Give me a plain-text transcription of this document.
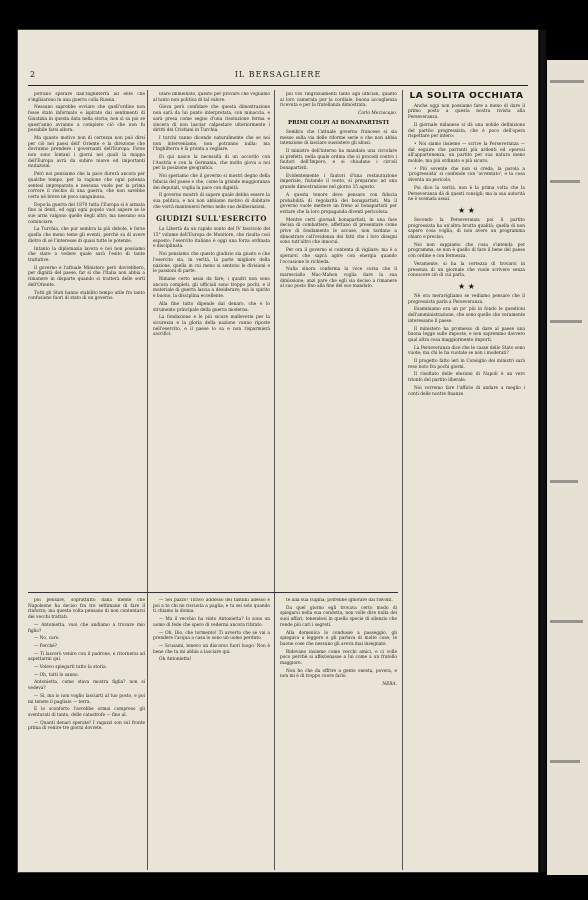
2	IL BERSAGLIERE

potrano sperare dall'Inghilterra ad ente che s'inglisarono in una guerra colla Russia.

Nessuno saprebbe ovviare che quell'ordine non fosse stato informato e ispirato dai sentimenti di Giustizia in questa data nella storia; non si sa poi se quest'anno avranno a compiere ciò che non fu possibile farsi allora.

Ma quanto motivo non di certezza non può dirsi per ciò nei paesi dell' Oriente e la direzione che dovranno prendere i governanti dell'Europa. Forse non sono lontani i giorni nei quali la mappa dell'Europa avrà da subire nuove ed importanti mutazioni.

Però noi pensiamo che la pace durerà ancora per qualche tempo, per la ragione che ogni potenza sentesi impreparata e nessuna vuole per la prima correre il rischio di una guerra, che non sarebbe certo nè breve nè poco sanguinosa.

Dopo la guerra del 1870 tutta l'Europa si è armata fino ai denti, ed oggi ogni popolo vuol sapere se le sue armi valgono quelle degli altri; ma nessuno osa cominciare.

La Turchia, che pur sembra la più debole, è forse quella che meno teme gli eventi, perchè sa di avere dietro di sè l'interesse di quasi tutte le potenze.

Intanto la diplomazia lavora e noi non possiamo che stare a vedere quale sarà l'esito di tante trattative.

Il governo e l'attuale Ministero però dovrebbero, per dignità del paese, far sì che l'Italia non abbia a rimanere in disparte quando si tratterà delle sorti dell'Oriente.

Tutti gli Stati hanno stabilito tempo utile fra tanto confusione fuori di stato di un governo.

poi pensare, soprattutto dalla mente che Napoleone ha deciso fra tre settimane di fare il rinforzo; ma questa volta pensano di non contentarsi dei vecchi trattati.

— Antonietta, vuoi che andiamo a trovare mio figlio?

— No, caro.

— Perchè?

— Ti lascerò venire con il padrone, e ritornerai ad aspettarmi qui.

— Volevo spiegarti tutto la storia.

— Oh, tutti lo sanno.

Antonietta, come stava mostra figlia? non si vedeva?

— Sì, ma io non voglio lasciarti al tuo posto, e poi mi tenete il pagliaio — terra.

E lo sconforto l'avrebbe ormai compreso gli sventurati di tanto, delle catastrofe — fino al.

— Quanti denari sperate? I ragazzi son sul fronte prima di venire tre giorni dovrete.

litare immediato, questo per provare che vogliamo al tanto non politica di tal valore.

Giova però confidare che questa dimostrazione non sarà da lui punto interpretata, con minaccia, e sarà presa come segno d'una risoluzione ferma e sincera di non lasciar calpestare ulteriormente i diritti dei Cristiani in Turchia.

I turchi vanno dicendo naturalmente che se noi non interveniamo, non potranno nulla; ma l'Inghilterra è là pronta a vegliare.

Di qui nasce la necessità di un accordo con l'Austria e con la Germania, che molto giova a noi per la posizione geografica.

Noi speriamo che il governo si mostri degno della fiducia del paese e che, come la grande maggioranza dei deputati, voglia la pace con dignità.

Il governo mostrò di sapere quale debba essere la sua politica, e noi non abbiamo motivo di dubitare che vorrà mantenersi fermo nelle sue deliberazioni.

GIUDIZI SULL'ESERCITO

La Libertà da un rapido sunto del IV fascicolo del 15° volume dell'Europa de Monitore, che risulta così esposto: l'esercito italiano è oggi una forza ordinata e disciplinata.

Noi pensiamo che questo giudizio sia giusto e che l'esercito sia, in verità, la parte migliore della nazione, quella in cui meno si sentono le divisioni e le passioni di parte.

Rimane certo assai da fare; i quadri non sono ancora completi, gli ufficiali sono troppo pochi, e il materiale di guerra lascia a desiderare; ma lo spirito è buono, la disciplina eccellente.

Alla fine tutto dipende dal denaro, che è lo strumento principale della guerra moderna.

La fondazione e le più sicure malleverie per la sicurezza e la gloria della nazione vanno riposte nell'esercito, e il paese lo sa e non risparmierà sacrifici.

— Sei pazzo! Tiravo addosso dei fastidii adesso e poi a te chi ne riscuota a paglia; e tu sei solo quando ti chiamo la donna.

— Ma il vecchio ha vinto Antonietta? Io sono un uomo di fede che spero di vedermi ancora ritirato.

— Oh, Dio, che tormento! Ti avverto che se vai a prendere l'acqua a casa io sono un uomo perduto.

— Scusami, tenevo un discorso fuori luogo. Non è bene che tu mi abbia a lasciare qui.

Oh Antonietta!

più vivi ringraziamenti tanto agli ufficiali, quanto ai loro camerata per la cordiale, buona accoglienza ricevuta e per la fratellanza dimostrata.

Carlo Mezzacapo.

PRIMI COLPI AI BONAPARTISTI

Sembra che l'attuale governo francese si sia messo sulla via delle riforme serie e che non abbia intenzione di lasciare sussistere gli abusi.

Il ministro dell'interno ha mandato una circolare ai prefetti, nella quale ordina che si procedi contro i fautori dell'Impero, e si chiudano i circoli bonapartisti.

Evidentemente i fautori d'una restaurazione imperiale, fiutando il vento, si preparano ad una grande dimostrazione nel giorno 15 agosto.

A questa tenore deve pensare con fiducia probabilità di regolarità dei bonapartisti. Ma il governo vuole mettere un freno ai bonapartisti per evitare che la loro propaganda diventi pericolosa.

Mentre certi giornali bonapartisti, in una fase decisa di combattere, affettano di presentare come prive di fondamento le accuse, non tardano a dimostrare coll'evidenza dei fatti che i loro disegni sono tutt'altro che innocui.

Per ora il governo si contenta di vigilare; ma è a sperarsi che saprà agire con energia quando l'occasione lo richieda.

Nulla sinora conferma la voce corsa che il maresciallo Mac-Mahon voglia dare la sua dimissione; anzi pare che egli sia deciso a rimanere al suo posto fino alla fine del suo mandato.

te alla sua cugina; potrebbe ignorare dai risvolti.

Da quel giorno egli trovava certo modo di spiegarsi nella sua condotta, non volle dire nulla dei suoi affari; tenendosi in quella specie di silenzio che rende più cari i segreti.

Alla domenica lo condusse a passeggio, gli spiegava a leggere e gli parlava di molte cose; le buone cose che nessuno gli aveva mai insegnate.

Ridevano insieme come vecchi amici, e ci volle poco perchè si affezionasse a lui come a un fratello maggiore.

Non ho che da offrire a gente onesta, povera, e non mi è di troppo cuore farlo.

NERA.

LA SOLITA OCCHIATA

Anche oggi non possiamo fare a meno di dare il primo posto a questa nostra rivista alla Perseveranza.

Il giornale milanese si dà una nobile definizione del partito progressista, che è poco dell'opera rispettare per intero:

• Noi siamo insieme — scrive la Perseveranza — dal seguire che parranti più ardenti ed operosi all'appartenenza; un partito per sua natura meno mobile, ma più ordinato e più sicuro.

• Più sovente che non si creda, la parola a 'progressista' si confonde con 'avventato', e la cosa diventa un pericolo.

Poi dice la verità, non è la prima volta che la Perseveranza dà di questi consigli; ma la sua autorità ne è scemata assai.

★ ★

Secondo la Perseveranza poi il partito progressista ha un'altra brutta qualità; quella di non sapere cosa voglia, di non avere un programma chiaro e preciso.

Noi non sappiamo che cosa s'intenda per programma, se non è quello di fare il bene del paese con ordine e con fermezza.

Veramente, si ha la certezza di trovarsi in presenza di un giornale che vuole scrivere senza conoscere ciò di cui parla.

★ ★

Nè ora meravigliamo se vediamo pensare che il progressista parla a Perseveranza.

Esaminiamo ora un po' più in fondo le questioni dell'amministrazione, che sono quelle che veramente interessano il paese.

Il ministero ha promesso di dare al paese una buona legge sulle imposte, e non sapremmo davvero qual altra cosa maggiormente importi.

La Perseveranza dice che le casse dello Stato sono vuote; ma chi le ha vuotate se non i moderati?

Il progetto fatto ieri in Consiglio dei ministri sarà reso noto fra pochi giorni.

Il risultato delle elezioni di Napoli è un vero trionfo del partito liberale.

Noi vorremo fare l'ufficio di andare a meglio i conti delle nostre finanze.
